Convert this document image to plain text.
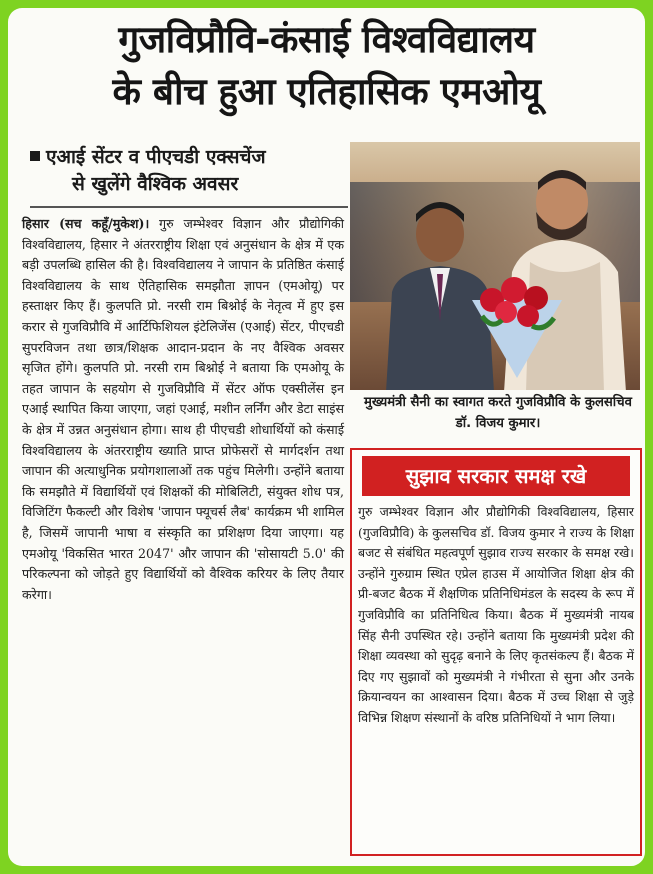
गुजविप्रौवि-कंसाई विश्वविद्यालय
के बीच हुआ एतिहासिक एमओयू
एआई सेंटर व पीएचडी एक्सचेंज
से खुलेंगे वैश्विक अवसर
हिसार (सच कहूँ/मुकेश)। गुरु जम्भेश्वर विज्ञान और प्रौद्योगिकी विश्वविद्यालय, हिसार ने अंतरराष्ट्रीय शिक्षा एवं अनुसंधान के क्षेत्र में एक बड़ी उपलब्धि हासिल की है। विश्वविद्यालय ने जापान के प्रतिष्ठित कंसाई विश्वविद्यालय के साथ ऐतिहासिक समझौता ज्ञापन (एमओयू) पर हस्ताक्षर किए हैं। कुलपति प्रो. नरसी राम बिश्नोई के नेतृत्व में हुए इस करार से गुजविप्रौवि में आर्टिफिशियल इंटेलिजेंस (एआई) सेंटर, पीएचडी सुपरविजन तथा छात्र/शिक्षक आदान-प्रदान के नए वैश्विक अवसर सृजित होंगे। कुलपति प्रो. नरसी राम बिश्नोई ने बताया कि एमओयू के तहत जापान के सहयोग से गुजविप्रौवि में सेंटर ऑफ एक्सीलेंस इन एआई स्थापित किया जाएगा, जहां एआई, मशीन लर्निंग और डेटा साइंस के क्षेत्र में उन्नत अनुसंधान होगा। साथ ही पीएचडी शोधार्थियों को कंसाई विश्वविद्यालय के अंतरराष्ट्रीय ख्याति प्राप्त प्रोफेसरों से मार्गदर्शन तथा जापान की अत्याधुनिक प्रयोगशालाओं तक पहुंच मिलेगी। उन्होंने बताया कि समझौते में विद्यार्थियों एवं शिक्षकों की मोबिलिटी, संयुक्त शोध पत्र, विजिटिंग फैकल्टी और विशेष 'जापान फ्यूचर्स लैब' कार्यक्रम भी शामिल है, जिसमें जापानी भाषा व संस्कृति का प्रशिक्षण दिया जाएगा। यह एमओयू 'विकसित भारत 2047' और जापान की 'सोसायटी 5.0' की परिकल्पना को जोड़ते हुए विद्यार्थियों को वैश्विक करियर के लिए तैयार करेगा।
मुख्यमंत्री सैनी का स्वागत करते गुजविप्रौवि के कुलसचिव डॉ. विजय कुमार।
सुझाव सरकार समक्ष रखे
गुरु जम्भेश्वर विज्ञान और प्रौद्योगिकी विश्वविद्यालय, हिसार (गुजविप्रौवि) के कुलसचिव डॉ. विजय कुमार ने राज्य के शिक्षा बजट से संबंधित महत्वपूर्ण सुझाव राज्य सरकार के समक्ष रखे। उन्होंने गुरुग्राम स्थित एप्रेल हाउस में आयोजित शिक्षा क्षेत्र की प्री-बजट बैठक में शैक्षणिक प्रतिनिधिमंडल के सदस्य के रूप में गुजविप्रौवि का प्रतिनिधित्व किया। बैठक में मुख्यमंत्री नायब सिंह सैनी उपस्थित रहे। उन्होंने बताया कि मुख्यमंत्री प्रदेश की शिक्षा व्यवस्था को सुदृढ़ बनाने के लिए कृतसंकल्प हैं। बैठक में दिए गए सुझावों को मुख्यमंत्री ने गंभीरता से सुना और उनके क्रियान्वयन का आश्वासन दिया। बैठक में उच्च शिक्षा से जुड़े विभिन्न शिक्षण संस्थानों के वरिष्ठ प्रतिनिधियों ने भाग लिया।
